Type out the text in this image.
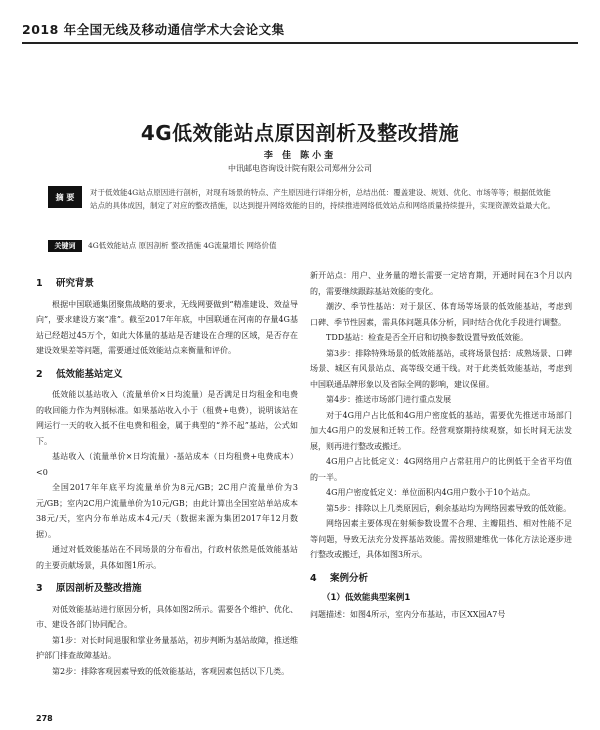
2018 年全国无线及移动通信学术大会论文集
4G低效能站点原因剖析及整改措施
李 佳 陈小奎
中讯邮电咨询设计院有限公司郑州分公司
摘 要	对于低效能4G站点原因进行剖析，对现有场景的特点、产生原因进行详细分析，总结出低：覆盖建设、规划、优化、市场等等；根据低效能站点的具体成因，制定了对应的整改措施，以达到提升网络效能的目的，持续推进网络低效站点和网络质量持续提升，实现资源效益最大化。
关键词	4G低效能站点 原因剖析 整改措施 4G流量增长 网络价值
1 研究背景

根据中国联通集团聚焦战略的要求，无线网要做到“精准建设、效益导向”，要求建设方案“准”。截至2017年年底，中国联通在河南的存量4G基站已经超过45万个，如此大体量的基站是否建设在合理的区域，是否存在建设效果差等问题，需要通过低效能站点来衡量和评价。

2 低效能基站定义

低效能以基站收入（流量单价×日均流量）是否满足日均租金和电费的收回能力作为判别标准。如果基站收入小于（租费+电费），说明该站在网运行一天的收入抵不住电费和租金，属于典型的“养不起”基站，公式如下。

基站收入（流量单价×日均流量）-基站成本（日均租费+电费成本）<0

全国2017年年底平均流量单价为8元/GB；2C用户流量单价为3元/GB；室内2C用户流量单价为10元/GB；由此计算出全国室站单站成本38元/天，室内分布单站成本4元/天（数据来源为集团2017年12月数据）。

通过对低效能基站在不同场景的分布看出，行政村依然是低效能基站的主要贡献场景，具体如图1所示。

3 原因剖析及整改措施

对低效能基站进行原因分析，具体如图2所示。需要各个维护、优化、市、建设各部门协同配合。

第1步：对长时间退服和掌业务量基站，初步判断为基站故障，推送维护部门排查故障基站。

第2步：排除客观因素导致的低效能基站，客观因素包括以下几类。

新开站点：用户、业务量的增长需要一定培育期，开通时间在3个月以内的，需要继续跟踪基站效能的变化。

潮汐、季节性基站：对于景区、体育场等场景的低效能基站，考虑到口碑、季节性因素，需具体问题具体分析，同时结合优化手段进行调整。

TDD基站：检查是否全开启和切换参数设置导致低效能。

第3步：排除特殊场景的低效能基站，或将场景包括：成熟场景、口碑场景、城区有风景站点、高等级交通干线。对于此类低效能基站，考虑到中国联通品牌形象以及省际全网的影响，建议保留。

第4步：推送市场部门进行重点发展

对于4G用户占比低和4G用户密度低的基站，需要优先推送市场部门加大4G用户的发展和迁转工作。经营观察期持续观察，如长时间无法发展，则再进行整改或搬迁。

4G用户占比低定义：4G网络用户占常驻用户的比例低于全省平均值的一半。

4G用户密度低定义：单位面积内4G用户数小于10个站点。

第5步：排除以上几类原因后，剩余基站均为网络因素导致的低效能。

网络因素主要体现在射频参数设置不合理、主瓣阻挡、相对性能不足等问题，导致无法充分发挥基站效能。需按照建维优一体化方法论逐步进行整改或搬迁，具体如图3所示。

4 案例分析
（1）低效能典型案例1

问题描述：如图4所示，室内分布基站，市区XX园A7号

278
